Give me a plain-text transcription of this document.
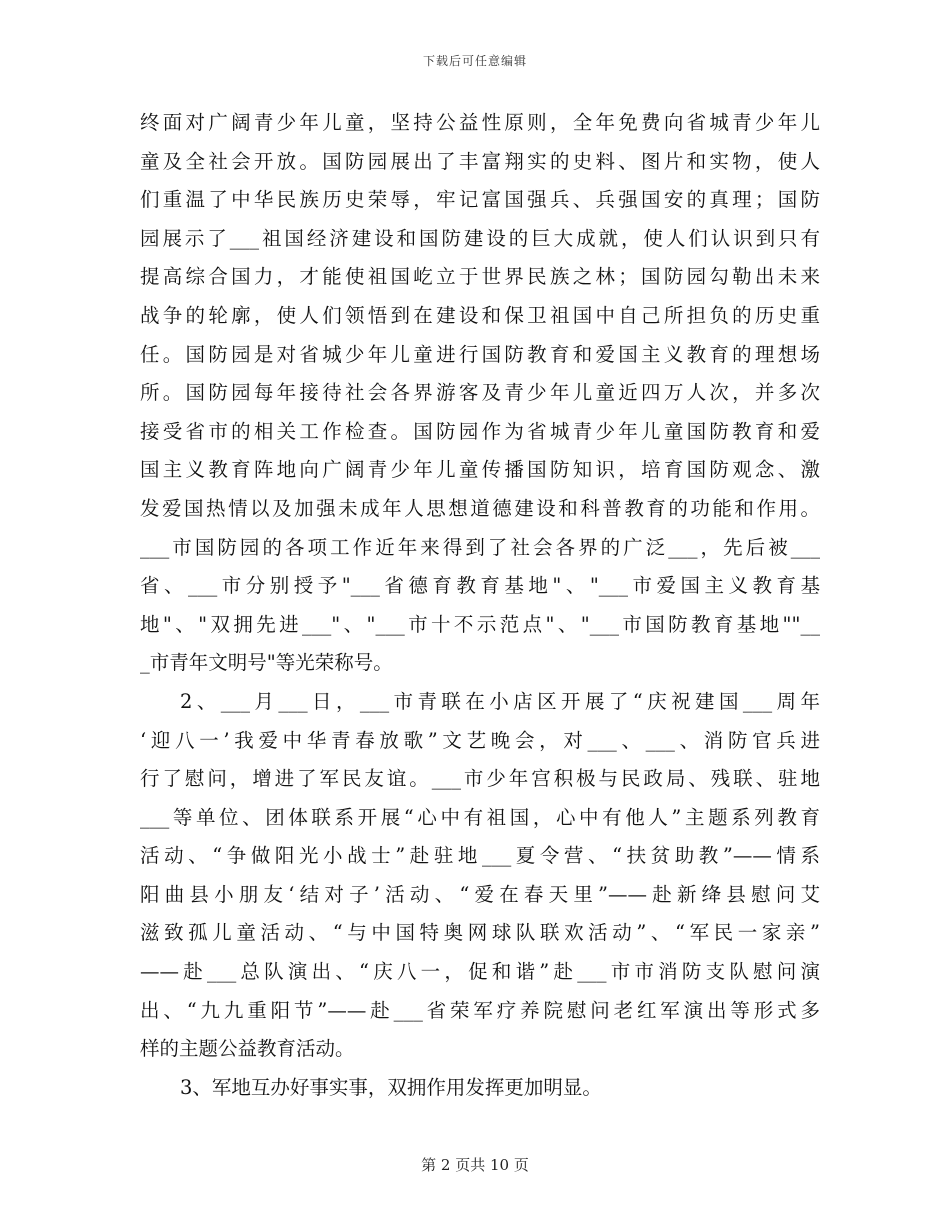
下载后可任意编辑
终面对广阔青少年儿童，坚持公益性原则，全年免费向省城青少年儿
童及全社会开放。国防园展出了丰富翔实的史料、图片和实物，使人
们重温了中华民族历史荣辱，牢记富国强兵、兵强国安的真理；国防
园展示了___祖国经济建设和国防建设的巨大成就，使人们认识到只有
提高综合国力，才能使祖国屹立于世界民族之林；国防园勾勒出未来
战争的轮廓，使人们领悟到在建设和保卫祖国中自己所担负的历史重
任。国防园是对省城少年儿童进行国防教育和爱国主义教育的理想场
所。国防园每年接待社会各界游客及青少年儿童近四万人次，并多次
接受省市的相关工作检查。国防园作为省城青少年儿童国防教育和爱
国主义教育阵地向广阔青少年儿童传播国防知识，培育国防观念、激
发爱国热情以及加强未成年人思想道德建设和科普教育的功能和作用。
___市国防园的各项工作近年来得到了社会各界的广泛___，先后被___
省、___市分别授予"___省德育教育基地"、"___市爱国主义教育基
地"、"双拥先进___"、"___市十不示范点"、"___市国防教育基地""__
_市青年文明号"等光荣称号。
2、___月___日，___市青联在小店区开展了“庆祝建国___周年
‘迎八一’我爱中华青春放歌”文艺晚会，对___、___、消防官兵进
行了慰问，增进了军民友谊。___市少年宫积极与民政局、残联、驻地
___等单位、团体联系开展“心中有祖国，心中有他人”主题系列教育
活动、“争做阳光小战士”赴驻地___夏令营、“扶贫助教”——情系
阳曲县小朋友‘结对子’活动、“爱在春天里”——赴新绛县慰问艾
滋致孤儿童活动、“与中国特奥网球队联欢活动”、“军民一家亲”
——赴___总队演出、“庆八一，促和谐”赴___市市消防支队慰问演
出、“九九重阳节”——赴___省荣军疗养院慰问老红军演出等形式多
样的主题公益教育活动。
3、军地互办好事实事，双拥作用发挥更加明显。
第 2 页共 10 页
